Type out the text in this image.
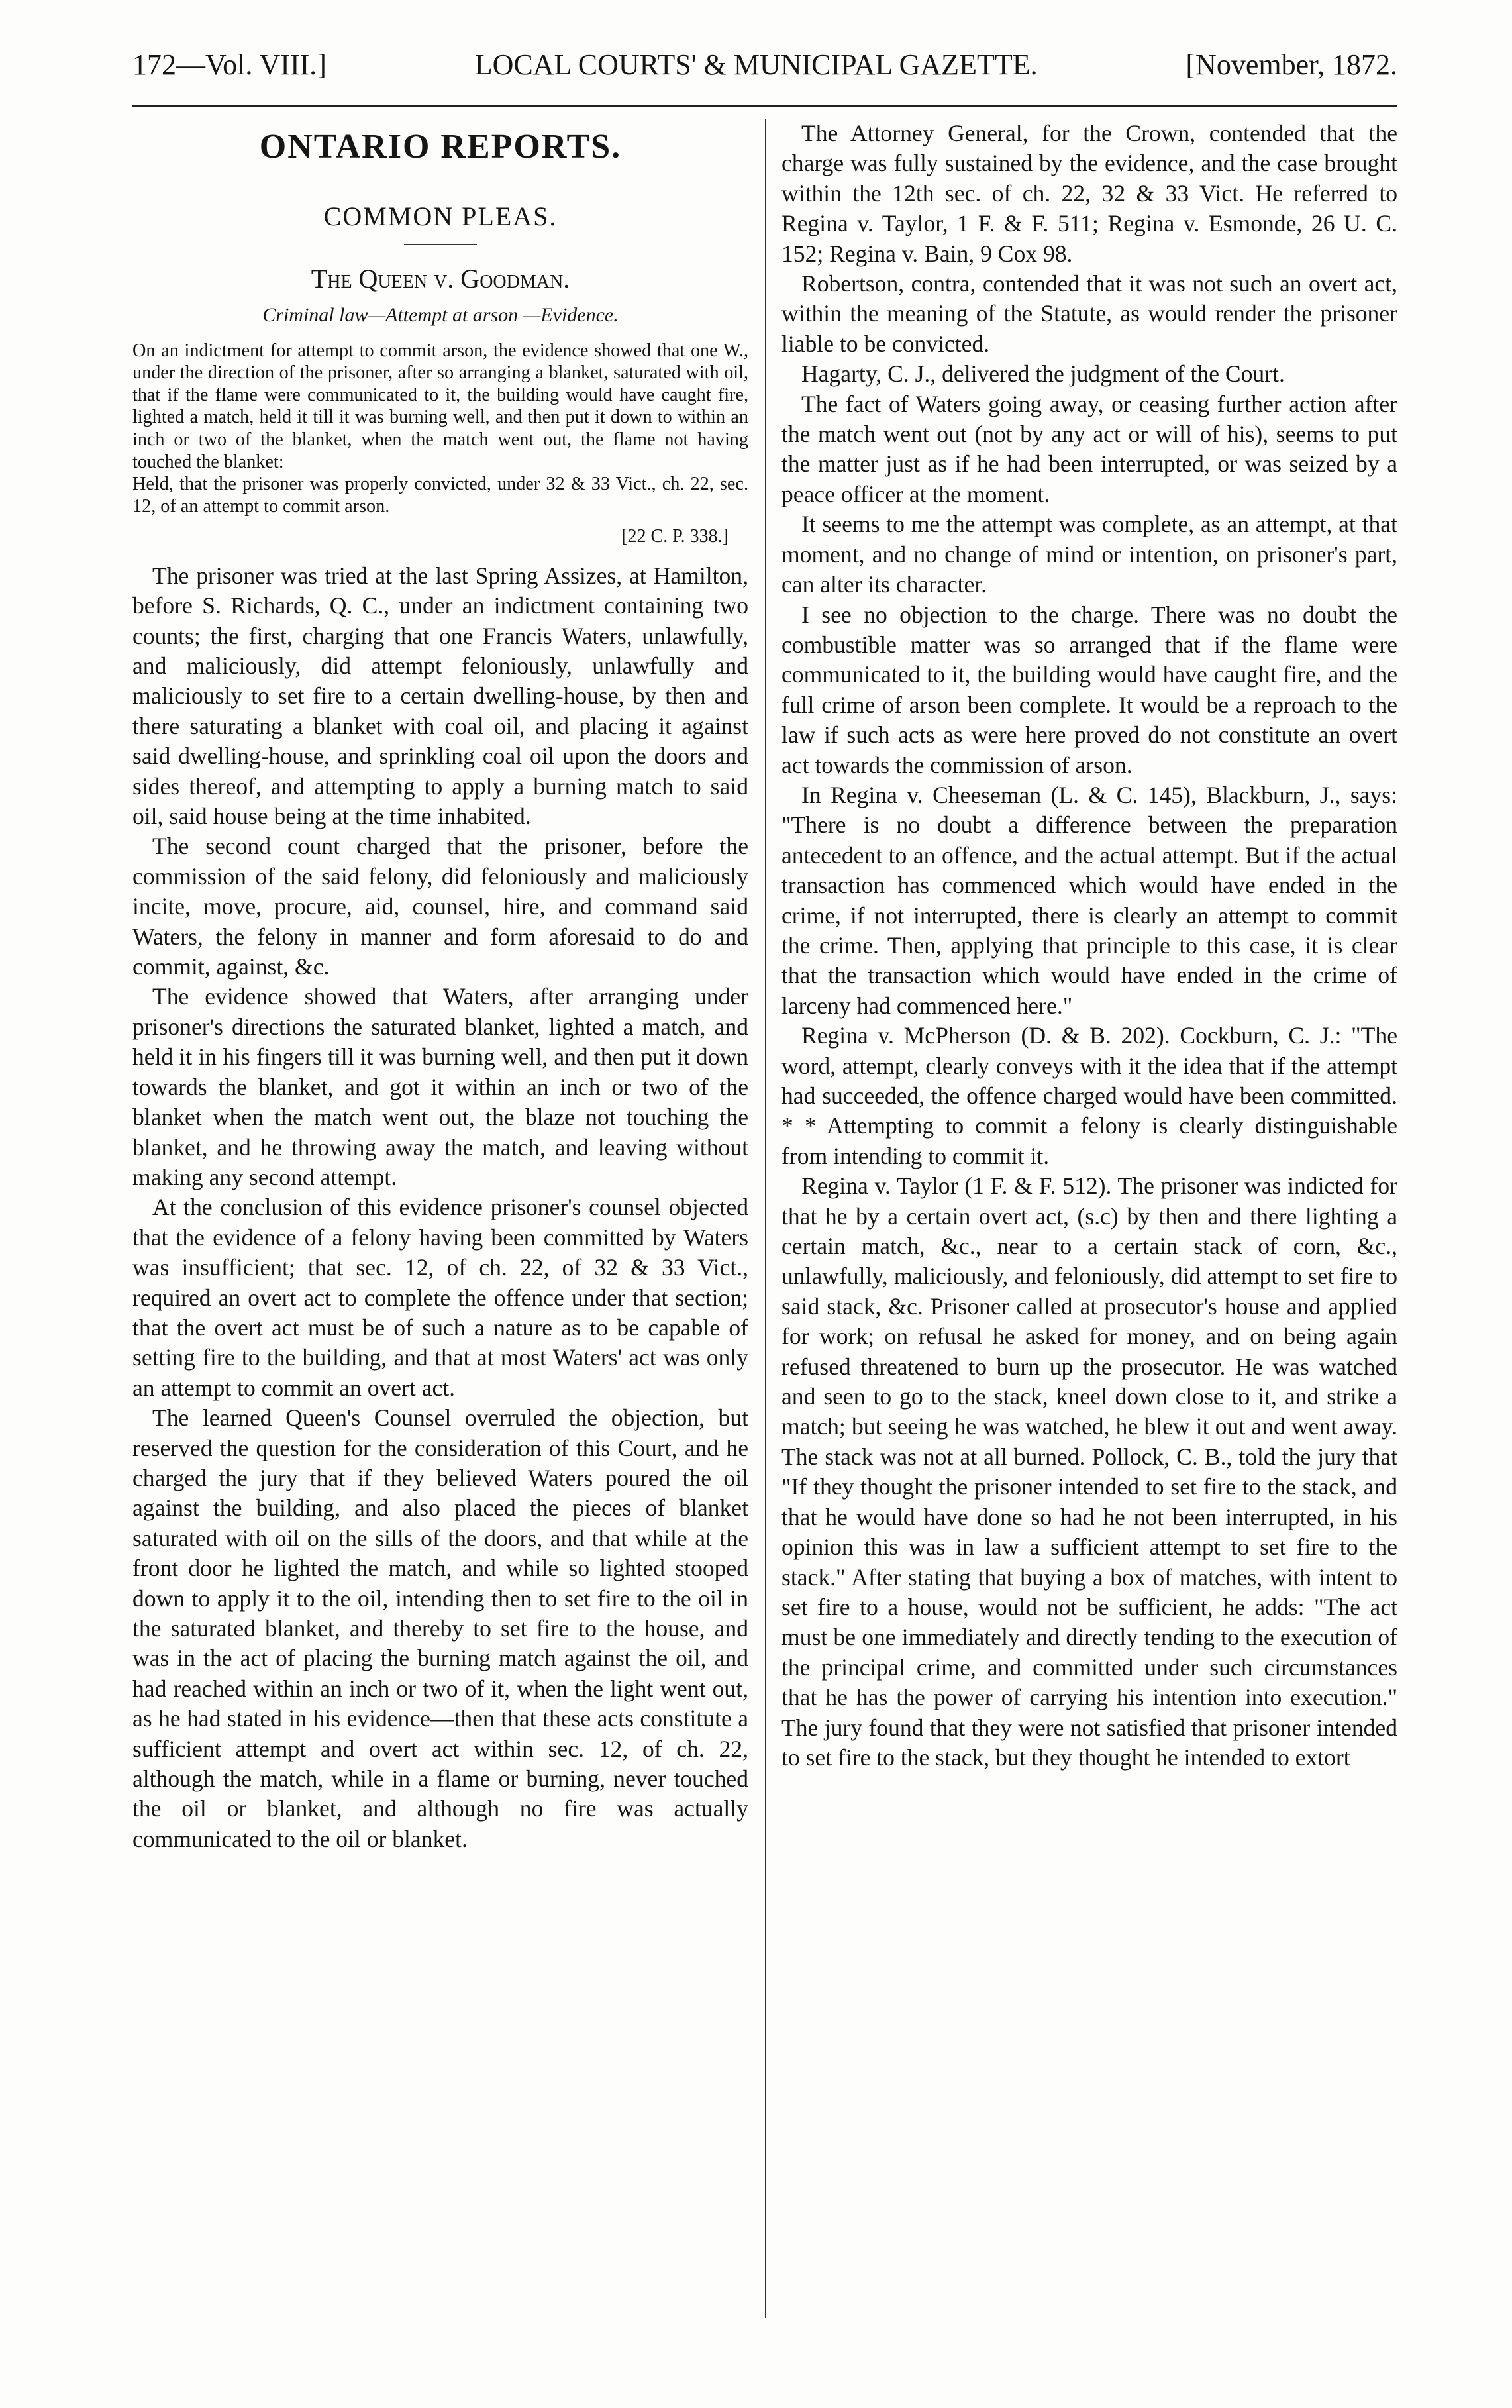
172—Vol. VIII.]	LOCAL COURTS' & MUNICIPAL GAZETTE.	[November, 1872.
ONTARIO REPORTS.
COMMON PLEAS.
The Queen v. Goodman.
Criminal law—Attempt at arson —Evidence.

On an indictment for attempt to commit arson, the evidence showed that one W., under the direction of the prisoner, after so arranging a blanket, saturated with oil, that if the flame were communicated to it, the building would have caught fire, lighted a match, held it till it was burning well, and then put it down to within an inch or two of the blanket, when the match went out, the flame not having touched the blanket:

Held, that the prisoner was properly convicted, under 32 & 33 Vict., ch. 22, sec. 12, of an attempt to commit arson.

[22 C. P. 338.]

The prisoner was tried at the last Spring Assizes, at Hamilton, before S. Richards, Q. C., under an indictment containing two counts; the first, charging that one Francis Waters, unlawfully, and maliciously, did attempt feloniously, unlawfully and maliciously to set fire to a certain dwelling-house, by then and there saturating a blanket with coal oil, and placing it against said dwelling-house, and sprinkling coal oil upon the doors and sides thereof, and attempting to apply a burning match to said oil, said house being at the time inhabited.

The second count charged that the prisoner, before the commission of the said felony, did feloniously and maliciously incite, move, procure, aid, counsel, hire, and command said Waters, the felony in manner and form aforesaid to do and commit, against, &c.

The evidence showed that Waters, after arranging under prisoner's directions the saturated blanket, lighted a match, and held it in his fingers till it was burning well, and then put it down towards the blanket, and got it within an inch or two of the blanket when the match went out, the blaze not touching the blanket, and he throwing away the match, and leaving without making any second attempt.

At the conclusion of this evidence prisoner's counsel objected that the evidence of a felony having been committed by Waters was insufficient; that sec. 12, of ch. 22, of 32 & 33 Vict., required an overt act to complete the offence under that section; that the overt act must be of such a nature as to be capable of setting fire to the building, and that at most Waters' act was only an attempt to commit an overt act.

The learned Queen's Counsel overruled the objection, but reserved the question for the consideration of this Court, and he charged the jury that if they believed Waters poured the oil against the building, and also placed the pieces of blanket saturated with oil on the sills of the doors, and that while at the front door he lighted the match, and while so lighted stooped down to apply it to the oil, intending then to set fire to the oil in the saturated blanket, and thereby to set fire to the house, and was in the act of placing the burning match against the oil, and had reached within an inch or two of it, when the light went out, as he had stated in his evidence—then that these acts constitute a sufficient attempt and overt act within sec. 12, of ch. 22, although the match, while in a flame or burning, never touched the oil or blanket, and although no fire was actually communicated to the oil or blanket.

The Attorney General, for the Crown, contended that the charge was fully sustained by the evidence, and the case brought within the 12th sec. of ch. 22, 32 & 33 Vict. He referred to Regina v. Taylor, 1 F. & F. 511; Regina v. Esmonde, 26 U. C. 152; Regina v. Bain, 9 Cox 98.

Robertson, contra, contended that it was not such an overt act, within the meaning of the Statute, as would render the prisoner liable to be convicted.

Hagarty, C. J., delivered the judgment of the Court.

The fact of Waters going away, or ceasing further action after the match went out (not by any act or will of his), seems to put the matter just as if he had been interrupted, or was seized by a peace officer at the moment.

It seems to me the attempt was complete, as an attempt, at that moment, and no change of mind or intention, on prisoner's part, can alter its character.

I see no objection to the charge. There was no doubt the combustible matter was so arranged that if the flame were communicated to it, the building would have caught fire, and the full crime of arson been complete. It would be a reproach to the law if such acts as were here proved do not constitute an overt act towards the commission of arson.

In Regina v. Cheeseman (L. & C. 145), Blackburn, J., says: "There is no doubt a difference between the preparation antecedent to an offence, and the actual attempt. But if the actual transaction has commenced which would have ended in the crime, if not interrupted, there is clearly an attempt to commit the crime. Then, applying that principle to this case, it is clear that the transaction which would have ended in the crime of larceny had commenced here."

Regina v. McPherson (D. & B. 202). Cockburn, C. J.: "The word, attempt, clearly conveys with it the idea that if the attempt had succeeded, the offence charged would have been committed. * * Attempting to commit a felony is clearly distinguishable from intending to commit it.

Regina v. Taylor (1 F. & F. 512). The prisoner was indicted for that he by a certain overt act, (s.c) by then and there lighting a certain match, &c., near to a certain stack of corn, &c., unlawfully, maliciously, and feloniously, did attempt to set fire to said stack, &c. Prisoner called at prosecutor's house and applied for work; on refusal he asked for money, and on being again refused threatened to burn up the prosecutor. He was watched and seen to go to the stack, kneel down close to it, and strike a match; but seeing he was watched, he blew it out and went away. The stack was not at all burned. Pollock, C. B., told the jury that "If they thought the prisoner intended to set fire to the stack, and that he would have done so had he not been interrupted, in his opinion this was in law a sufficient attempt to set fire to the stack." After stating that buying a box of matches, with intent to set fire to a house, would not be sufficient, he adds: "The act must be one immediately and directly tending to the execution of the principal crime, and committed under such circumstances that he has the power of carrying his intention into execution." The jury found that they were not satisfied that prisoner intended to set fire to the stack, but they thought he intended to extort
